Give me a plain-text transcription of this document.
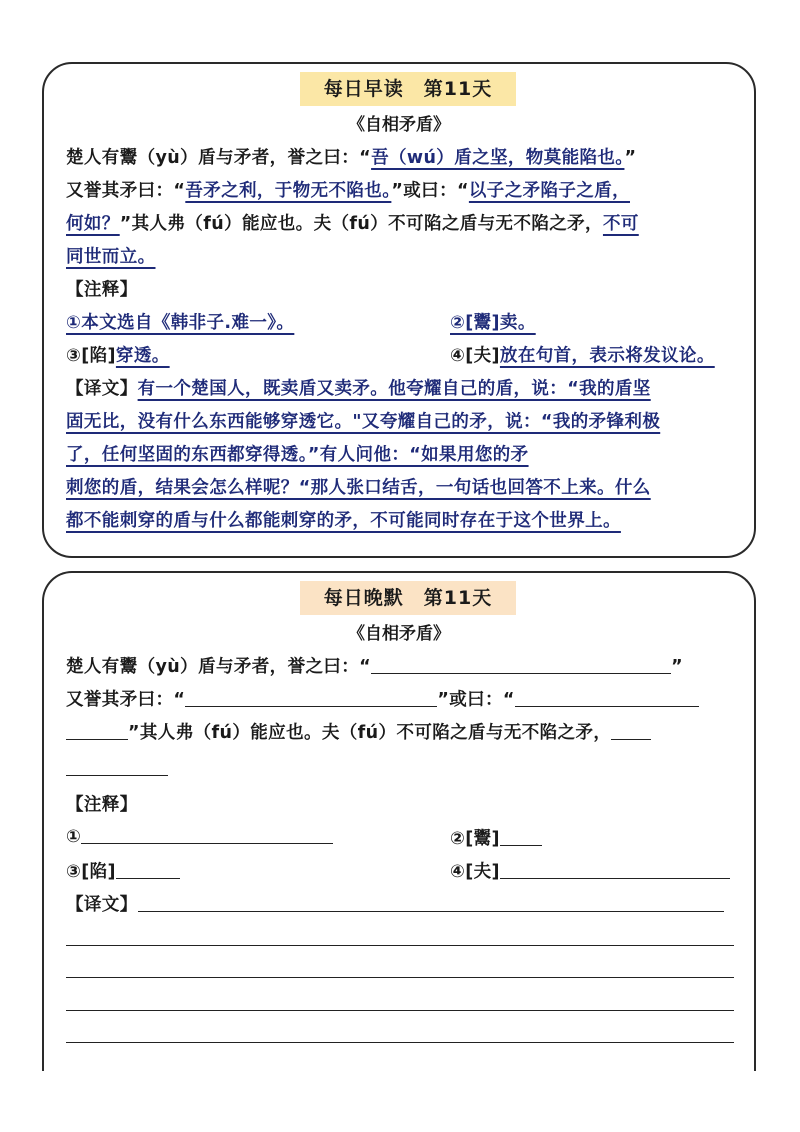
每日早读　第11天
《自相矛盾》
楚人有鬻（yù）盾与矛者，誉之曰：“吾（wú）盾之坚，物莫能陷也。”
又誉其矛曰：“吾矛之利，于物无不陷也。”或曰：“以子之矛陷子之盾，
何如？”其人弗（fú）能应也。夫（fú）不可陷之盾与无不陷之矛，不可
同世而立。
【注释】
①本文选自《韩非子.难一》。	②[鬻]卖。
③[陷]穿透。	④[夫]放在句首，表示将发议论。
【译文】有一个楚国人，既卖盾又卖矛。他夸耀自己的盾，说：“我的盾坚
固无比，没有什么东西能够穿透它。"又夸耀自己的矛，说：“我的矛锋利极
了，任何坚固的东西都穿得透。”有人问他：“如果用您的矛
刺您的盾，结果会怎么样呢？“那人张口结舌，一句话也回答不上来。什么
都不能刺穿的盾与什么都能刺穿的矛，不可能同时存在于这个世界上。
每日晚默　第11天
《自相矛盾》
楚人有鬻（yù）盾与矛者，誉之曰：“	”
又誉其矛曰：“	”或曰：“
”其人弗（fú）能应也。夫（fú）不可陷之盾与无不陷之矛，
【注释】
①	②[鬻]
③[陷]	④[夫]
【译文】
